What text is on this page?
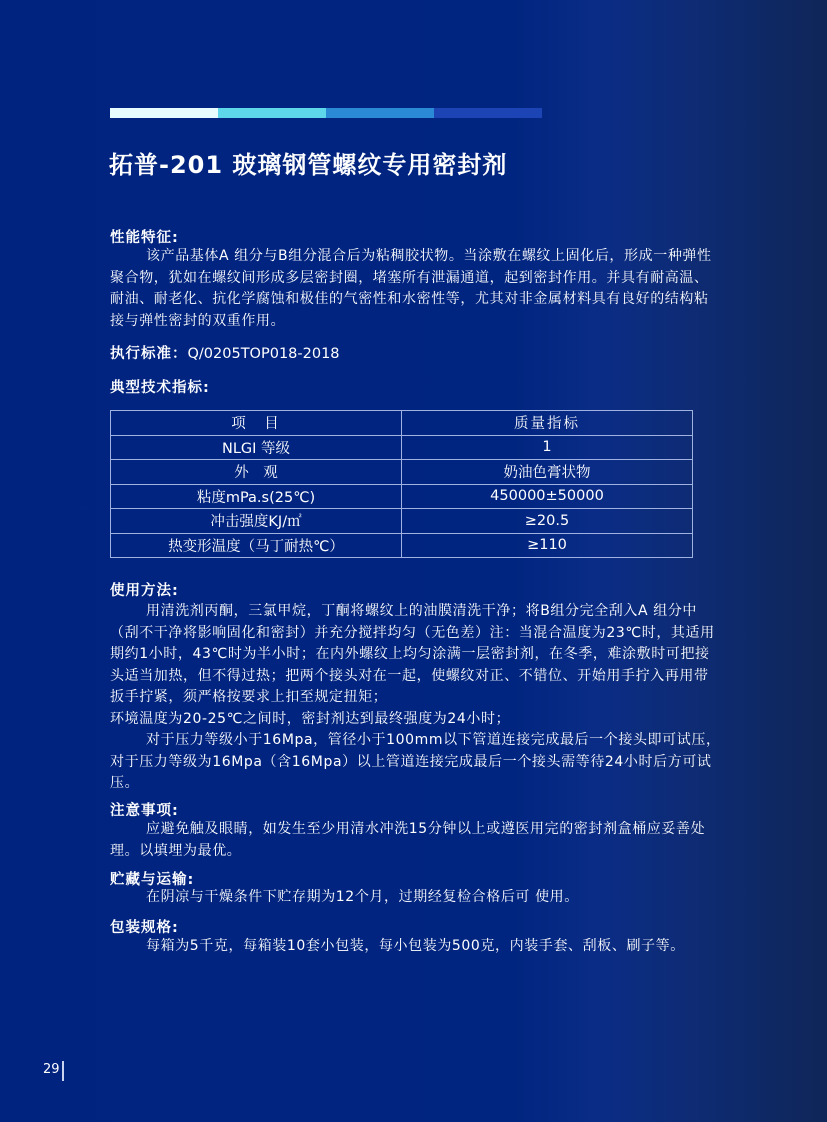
拓普-201 玻璃钢管螺纹专用密封剂
性能特征:

该产品基体A 组分与B组分混合后为粘稠胶状物。当涂敷在螺纹上固化后，形成一种弹性聚合物，犹如在螺纹间形成多层密封圈，堵塞所有泄漏通道，起到密封作用。并具有耐高温、耐油、耐老化、抗化学腐蚀和极佳的气密性和水密性等，尤其对非金属材料具有良好的结构粘接与弹性密封的双重作用。

执行标准：Q/0205TOP018-2018
典型技术指标:
项　目	质量指标
NLGI 等级	1
外　观	奶油色膏状物
粘度mPa.s(25℃)	450000±50000
冲击强度KJ/㎡	≥20.5
热变形温度（马丁耐热℃）	≥110
使用方法:

用清洗剂丙酮，三氯甲烷，丁酮将螺纹上的油膜清洗干净；将B组分完全刮入A 组分中（刮不干净将影响固化和密封）并充分搅拌均匀（无色差）注：当混合温度为23℃时，其适用期约1小时，43℃时为半小时；在内外螺纹上均匀涂满一层密封剂，在冬季，难涂敷时可把接头适当加热，但不得过热；把两个接头对在一起，使螺纹对正、不错位、开始用手拧入再用带扳手拧紧，须严格按要求上扣至规定扭矩；

环境温度为20-25℃之间时，密封剂达到最终强度为24小时；

对于压力等级小于16Mpa，管径小于100mm以下管道连接完成最后一个接头即可试压，对于压力等级为16Mpa（含16Mpa）以上管道连接完成最后一个接头需等待24小时后方可试压。

注意事项:

应避免触及眼睛，如发生至少用清水冲洗15分钟以上或遵医用完的密封剂盒桶应妥善处理。以填埋为最优。

贮藏与运输:

在阴凉与干燥条件下贮存期为12个月，过期经复检合格后可 使用。

包装规格:

每箱为5千克，每箱装10套小包装，每小包装为500克，内装手套、刮板、刷子等。

29
